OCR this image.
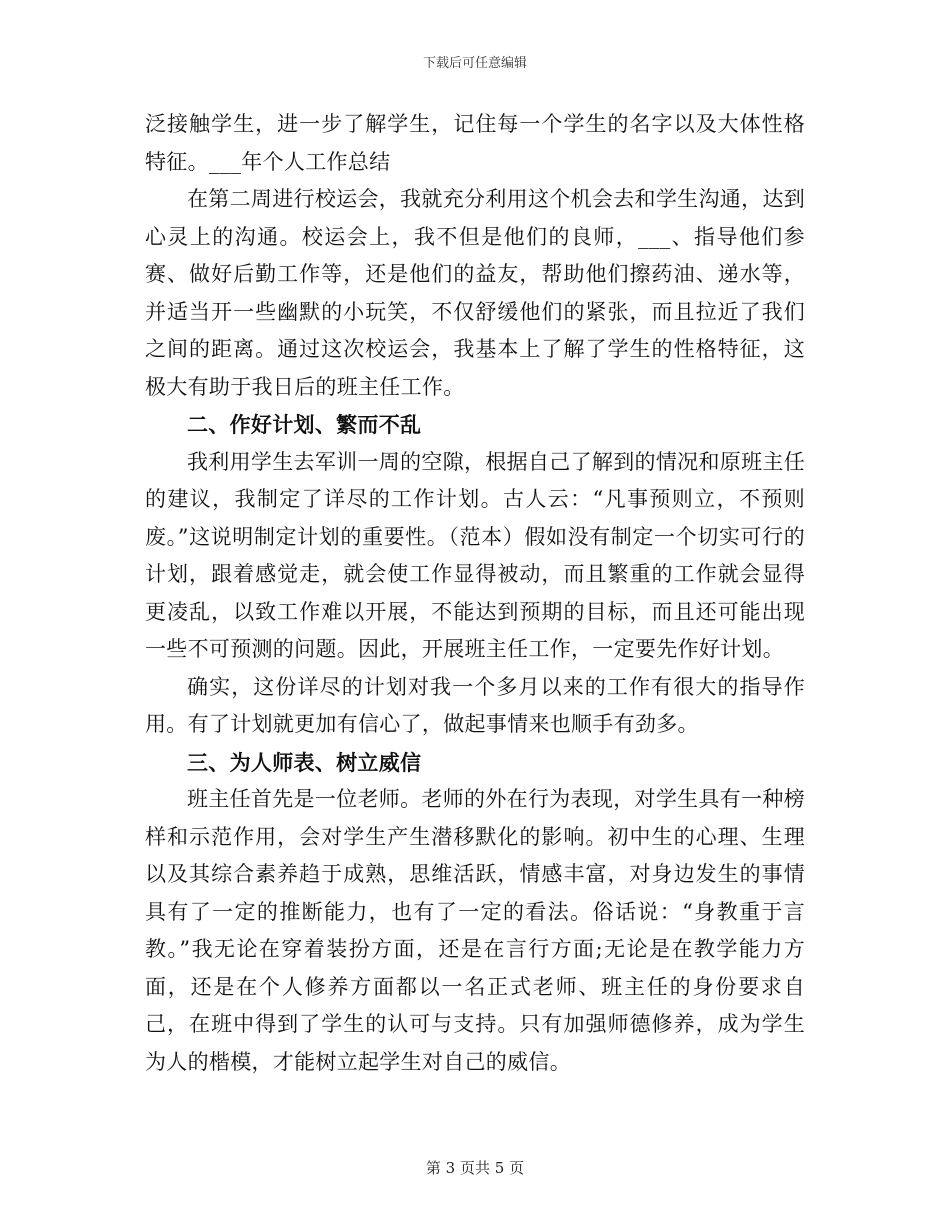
下载后可任意编辑

泛接触学生，进一步了解学生，记住每一个学生的名字以及大体性格特征。___年个人工作总结

在第二周进行校运会，我就充分利用这个机会去和学生沟通，达到心灵上的沟通。校运会上，我不但是他们的良师，___、指导他们参赛、做好后勤工作等，还是他们的益友，帮助他们擦药油、递水等，并适当开一些幽默的小玩笑，不仅舒缓他们的紧张，而且拉近了我们之间的距离。通过这次校运会，我基本上了解了学生的性格特征，这极大有助于我日后的班主任工作。

二、作好计划、繁而不乱

我利用学生去军训一周的空隙，根据自己了解到的情况和原班主任的建议，我制定了详尽的工作计划。古人云：“凡事预则立，不预则废。”这说明制定计划的重要性。（范本）假如没有制定一个切实可行的计划，跟着感觉走，就会使工作显得被动，而且繁重的工作就会显得更凌乱，以致工作难以开展，不能达到预期的目标，而且还可能出现一些不可预测的问题。因此，开展班主任工作，一定要先作好计划。

确实，这份详尽的计划对我一个多月以来的工作有很大的指导作用。有了计划就更加有信心了，做起事情来也顺手有劲多。

三、为人师表、树立威信

班主任首先是一位老师。老师的外在行为表现，对学生具有一种榜样和示范作用，会对学生产生潜移默化的影响。初中生的心理、生理以及其综合素养趋于成熟，思维活跃，情感丰富，对身边发生的事情具有了一定的推断能力，也有了一定的看法。俗话说：“身教重于言教。”我无论在穿着装扮方面，还是在言行方面;无论是在教学能力方面，还是在个人修养方面都以一名正式老师、班主任的身份要求自己，在班中得到了学生的认可与支持。只有加强师德修养，成为学生为人的楷模，才能树立起学生对自己的威信。

第 3 页共 5 页
